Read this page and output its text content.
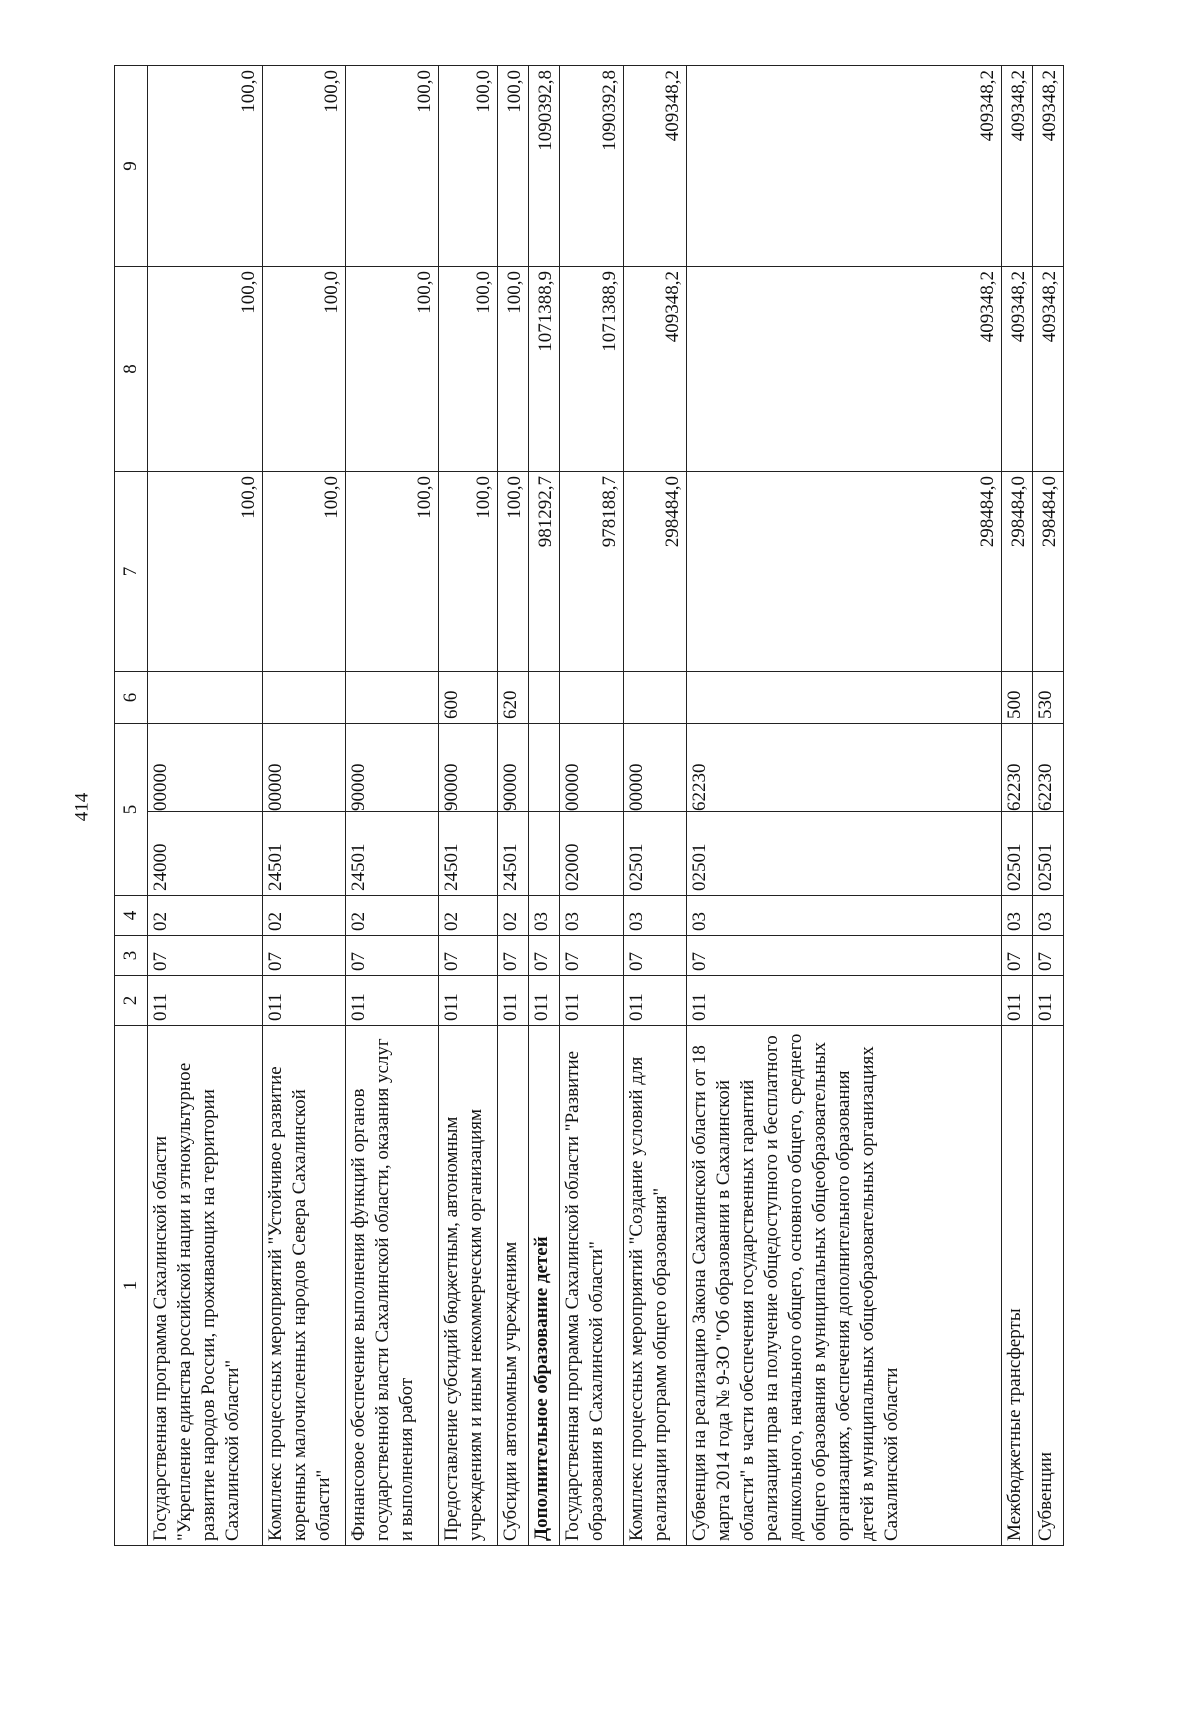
414
1	2	3	4	5		6	7	8	9
Государственная программа Сахалинской области "Укрепление единства российской нации и этнокультурное развитие народов России, проживающих на территории Сахалинской области"	011	07	02	24000	00000		100,0	100,0	100,0
Комплекс процессных мероприятий "Устойчивое развитие коренных малочисленных народов Севера Сахалинской области"	011	07	02	24501	00000		100,0	100,0	100,0
Финансовое обеспечение выполнения функций органов государственной власти Сахалинской области, оказания услуг и выполнения работ	011	07	02	24501	90000		100,0	100,0	100,0
Предоставление субсидий бюджетным, автономным учреждениям и иным некоммерческим организациям	011	07	02	24501	90000	600	100,0	100,0	100,0
Субсидии автономным учреждениям	011	07	02	24501	90000	620	100,0	100,0	100,0
Дополнительное образование детей	011	07	03				981292,7	1071388,9	1090392,8
Государственная программа Сахалинской области "Развитие образования в Сахалинской области"	011	07	03	02000	00000		978188,7	1071388,9	1090392,8
Комплекс процессных мероприятий "Создание условий для реализации программ общего образования"	011	07	03	02501	00000		298484,0	409348,2	409348,2
Субвенция на реализацию Закона Сахалинской области от 18 марта 2014 года № 9-ЗО "Об образовании в Сахалинской области" в части обеспечения государственных гарантий реализации прав на получение общедоступного и бесплатного дошкольного, начального общего, основного общего, среднего общего образования в муниципальных общеобразовательных организациях, обеспечения дополнительного образования детей в муниципальных общеобразовательных организациях Сахалинской области	011	07	03	02501	62230		298484,0	409348,2	409348,2
Межбюджетные трансферты	011	07	03	02501	62230	500	298484,0	409348,2	409348,2
Субвенции	011	07	03	02501	62230	530	298484,0	409348,2	409348,2
